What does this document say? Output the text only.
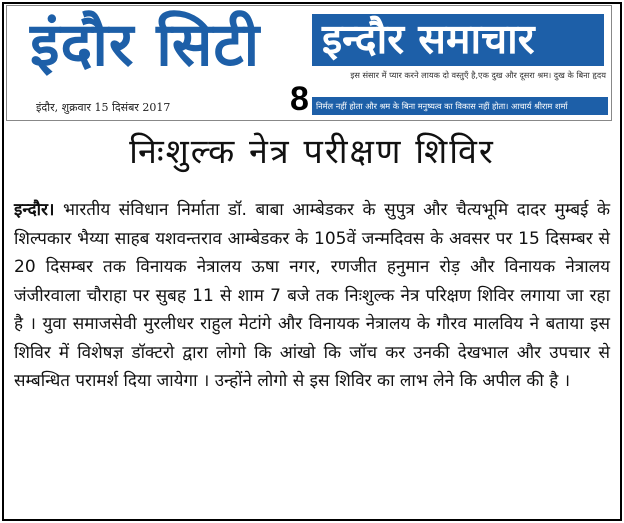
इंदौर सिटी इन्दौर समाचार
इस संसार में प्यार करने लायक दो वस्तुएँ है,एक दुख और दूसरा श्रम। दुख के बिना हृदय
निर्मल नहीं होता और श्रम के बिना मनुष्यत्व का विकास नहीं होता। आचार्य श्रीराम शर्मा
इंदौर, शुक्रवार 15 दिसंबर 2017	8
निःशुल्क नेत्र परीक्षण शिविर
इन्दौर। भारतीय संविधान निर्माता डॉ. बाबा आम्बेडकर के सुपुत्र और चैत्यभूमि दादर मुम्बई के शिल्पकार भैय्या साहब यशवन्तराव आम्बेडकर के 105वें जन्मदिवस के अवसर पर 15 दिसम्बर से 20 दिसम्बर तक विनायक नेत्रालय ऊषा नगर, रणजीत हनुमान रोड़ और विनायक नेत्रालय जंजीरवाला चौराहा पर सुबह 11 से शाम 7 बजे तक निःशुल्क नेत्र परिक्षण शिविर लगाया जा रहा है । युवा समाजसेवी मुरलीधर राहुल मेटांगे और विनायक नेत्रालय के गौरव मालविय ने बताया इस शिविर में विशेषज्ञ डॉक्टरो द्वारा लोगो कि आंखो कि जॉच कर उनकी देखभाल और उपचार से सम्बन्धित परामर्श दिया जायेगा । उन्होंने लोगो से इस शिविर का लाभ लेने कि अपील की है ।
